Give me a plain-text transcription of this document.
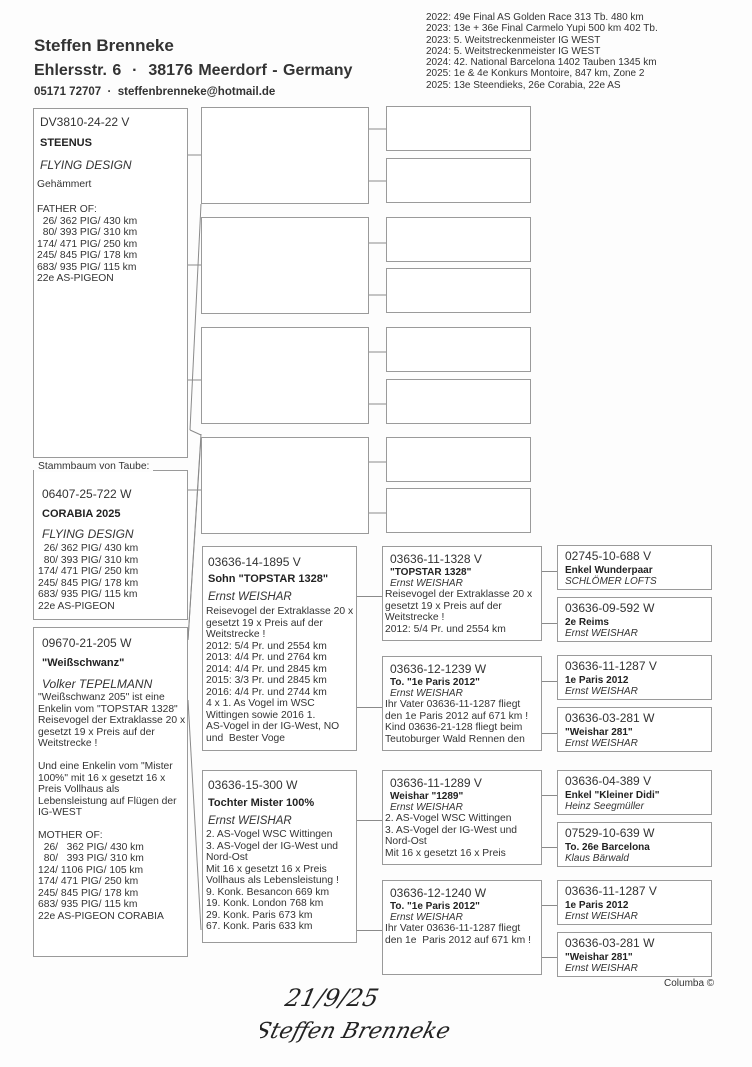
Steffen Brenneke
Ehlersstr. 6  ·  38176 Meerdorf - Germany
05171 72707  ·  steffenbrenneke@hotmail.de
2022: 49e Final AS Golden Race 313 Tb. 480 km
2023: 13e + 36e Final Carmelo Yupi 500 km 402 Tb.
2023: 5. Weitstreckenmeister IG WEST
2024: 5. Weitstreckenmeister IG WEST
2024: 42. National Barcelona 1402 Tauben 1345 km
2025: 1e & 4e Konkurs Montoire, 847 km, Zone 2
2025: 13e Steendieks, 26e Corabia, 22e AS
DV3810-24-22 V
STEENUS
FLYING DESIGN
Gehämmert
FATHER OF:
26/ 362 PIG/ 430 km
80/ 393 PIG/ 310 km
174/ 471 PIG/ 250 km
245/ 845 PIG/ 178 km
683/ 935 PIG/ 115 km
22e AS-PIGEON
06407-25-722 W
CORABIA 2025
FLYING DESIGN
26/ 362 PIG/ 430 km
80/ 393 PIG/ 310 km
174/ 471 PIG/ 250 km
245/ 845 PIG/ 178 km
683/ 935 PIG/ 115 km
22e AS-PIGEON
Stammbaum von Taube:
09670-21-205 W
"Weißschwanz"
Volker TEPELMANN
"Weißschwanz 205" ist eine
Enkelin vom "TOPSTAR 1328"
Reisevogel der Extraklasse 20 x
gesetzt 19 x Preis auf der
Weitstrecke !
Und eine Enkelin vom "Mister
100%" mit 16 x gesetzt 16 x
Preis Vollhaus als
Lebensleistung auf Flügen der
IG-WEST
MOTHER OF:
26/   362 PIG/ 430 km
80/   393 PIG/ 310 km
124/ 1106 PIG/ 105 km
174/ 471 PIG/ 250 km
245/ 845 PIG/ 178 km
683/ 935 PIG/ 115 km
22e AS-PIGEON CORABIA
03636-14-1895 V
Sohn "TOPSTAR 1328"
Ernst WEISHAR
Reisevogel der Extraklasse 20 x
gesetzt 19 x Preis auf der
Weitstrecke !
2012: 5/4 Pr. und 2554 km
2013: 4/4 Pr. und 2764 km
2014: 4/4 Pr. und 2845 km
2015: 3/3 Pr. und 2845 km
2016: 4/4 Pr. und 2744 km
4 x 1. As Vogel im WSC
Wittingen sowie 2016 1.
AS-Vogel in der IG-West, NO
und  Bester Voge
03636-15-300 W
Tochter Mister 100%
Ernst WEISHAR
2. AS-Vogel WSC Wittingen
3. AS-Vogel der IG-West und
Nord-Ost
Mit 16 x gesetzt 16 x Preis
Vollhaus als Lebensleistung !
9. Konk. Besancon 669 km
19. Konk. London 768 km
29. Konk. Paris 673 km
67. Konk. Paris 633 km
03636-11-1328 V
"TOPSTAR 1328"
Ernst WEISHAR
Reisevogel der Extraklasse 20 x
gesetzt 19 x Preis auf der
Weitstrecke !
2012: 5/4 Pr. und 2554 km
03636-12-1239 W
To. "1e Paris 2012"
Ernst WEISHAR
Ihr Vater 03636-11-1287 fliegt
den 1e Paris 2012 auf 671 km !
Kind 03636-21-128 fliegt beim
Teutoburger Wald Rennen den
03636-11-1289 V
Weishar "1289"
Ernst WEISHAR
2. AS-Vogel WSC Wittingen
3. AS-Vogel der IG-West und
Nord-Ost
Mit 16 x gesetzt 16 x Preis
03636-12-1240 W
To. "1e Paris 2012"
Ernst WEISHAR
Ihr Vater 03636-11-1287 fliegt
den 1e  Paris 2012 auf 671 km !
02745-10-688 V
Enkel Wunderpaar
SCHLÖMER LOFTS
03636-09-592 W
2e Reims
Ernst WEISHAR
03636-11-1287 V
1e Paris 2012
Ernst WEISHAR
03636-03-281 W
"Weishar 281"
Ernst WEISHAR
03636-04-389 V
Enkel "Kleiner Didi"
Heinz Seegmüller
07529-10-639 W
To. 26e Barcelona
Klaus Bärwald
03636-11-1287 V
1e Paris 2012
Ernst WEISHAR
03636-03-281 W
"Weishar 281"
Ernst WEISHAR
21/9/25
Steffen Brenneke
Columba ©
